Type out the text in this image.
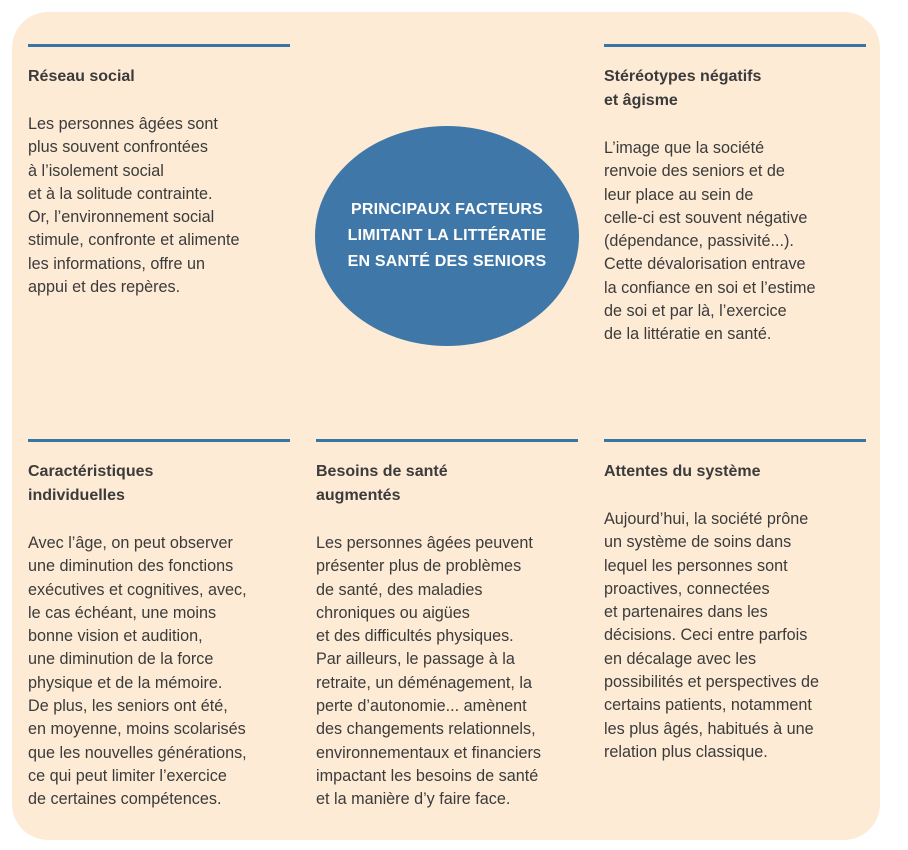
PRINCIPAUX FACTEURS
LIMITANT LA LITTÉRATIE
EN SANTÉ DES SENIORS

Réseau social

Les personnes âgées sont
plus souvent confrontées
à l’isolement social
et à la solitude contrainte.
Or, l’environnement social
stimule, confronte et alimente
les informations, offre un
appui et des repères.

Stéréotypes négatifs
et âgisme

L’image que la société
renvoie des seniors et de
leur place au sein de
celle-ci est souvent négative
(dépendance, passivité...).
Cette dévalorisation entrave
la confiance en soi et l’estime
de soi et par là, l’exercice
de la littératie en santé.

Caractéristiques
individuelles

Avec l’âge, on peut observer
une diminution des fonctions
exécutives et cognitives, avec,
le cas échéant, une moins
bonne vision et audition,
une diminution de la force
physique et de la mémoire.
De plus, les seniors ont été,
en moyenne, moins scolarisés
que les nouvelles générations,
ce qui peut limiter l’exercice
de certaines compétences.

Besoins de santé
augmentés

Les personnes âgées peuvent
présenter plus de problèmes
de santé, des maladies
chroniques ou aigües
et des difficultés physiques.
Par ailleurs, le passage à la
retraite, un déménagement, la
perte d’autonomie... amènent
des changements relationnels,
environnementaux et financiers
impactant les besoins de santé
et la manière d’y faire face.

Attentes du système

Aujourd’hui, la société prône
un système de soins dans
lequel les personnes sont
proactives, connectées
et partenaires dans les
décisions. Ceci entre parfois
en décalage avec les
possibilités et perspectives de
certains patients, notamment
les plus âgés, habitués à une
relation plus classique.
